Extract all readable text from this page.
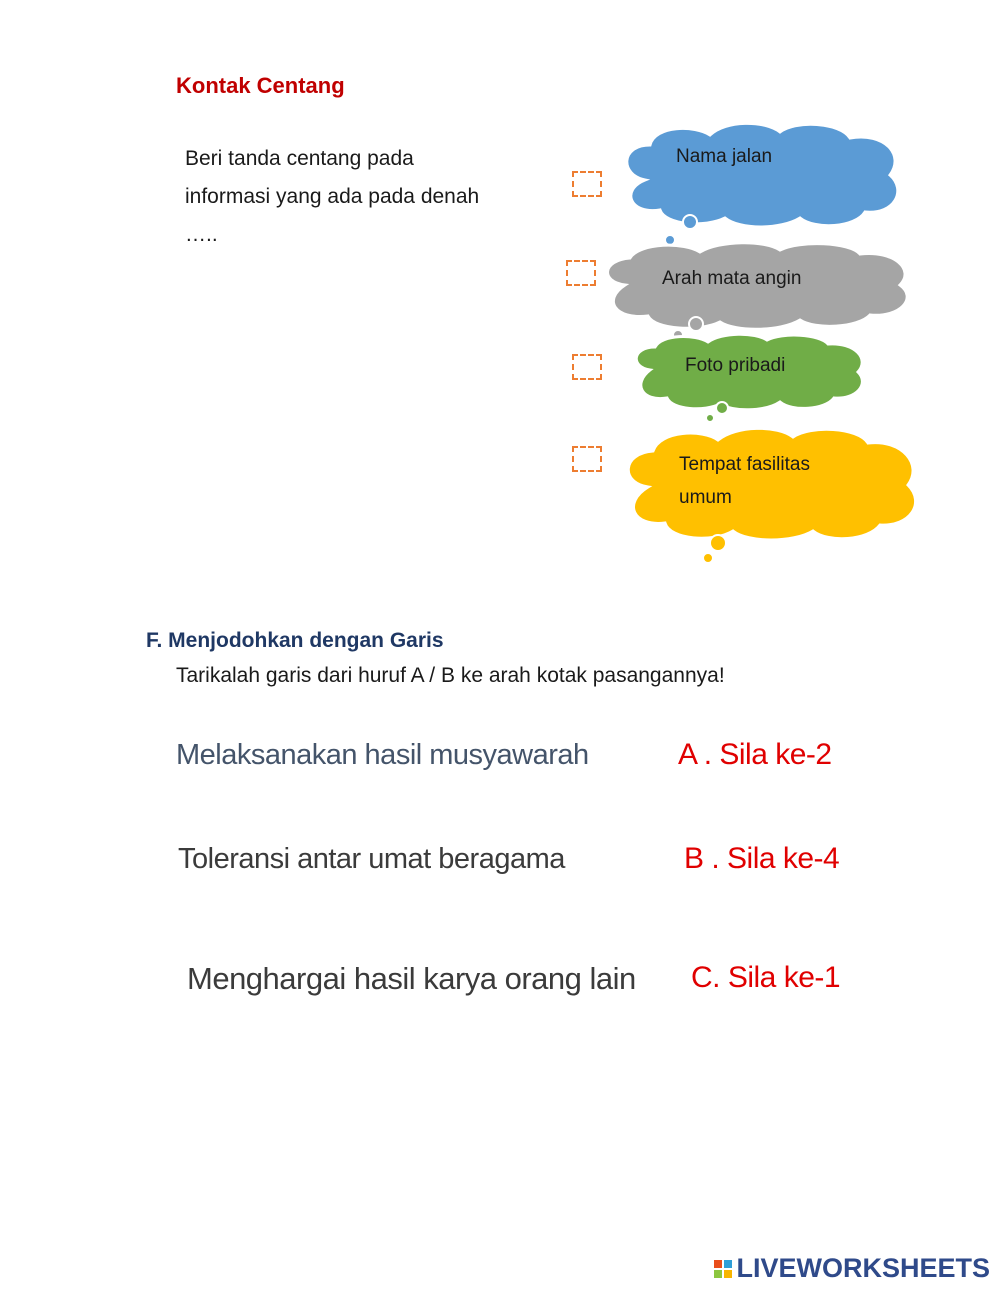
Kontak Centang
Beri tanda centang pada
informasi yang ada pada denah
…..
Nama jalan
Arah mata angin
Foto pribadi
Tempat fasilitas
umum
F. Menjodohkan dengan Garis
Tarikalah garis dari huruf A / B ke arah kotak pasangannya!
Melaksanakan hasil musyawarah
Toleransi antar umat beragama
Menghargai hasil karya orang lain
A . Sila ke-2
B . Sila ke-4
C. Sila ke-1
LIVEWORKSHEETS
